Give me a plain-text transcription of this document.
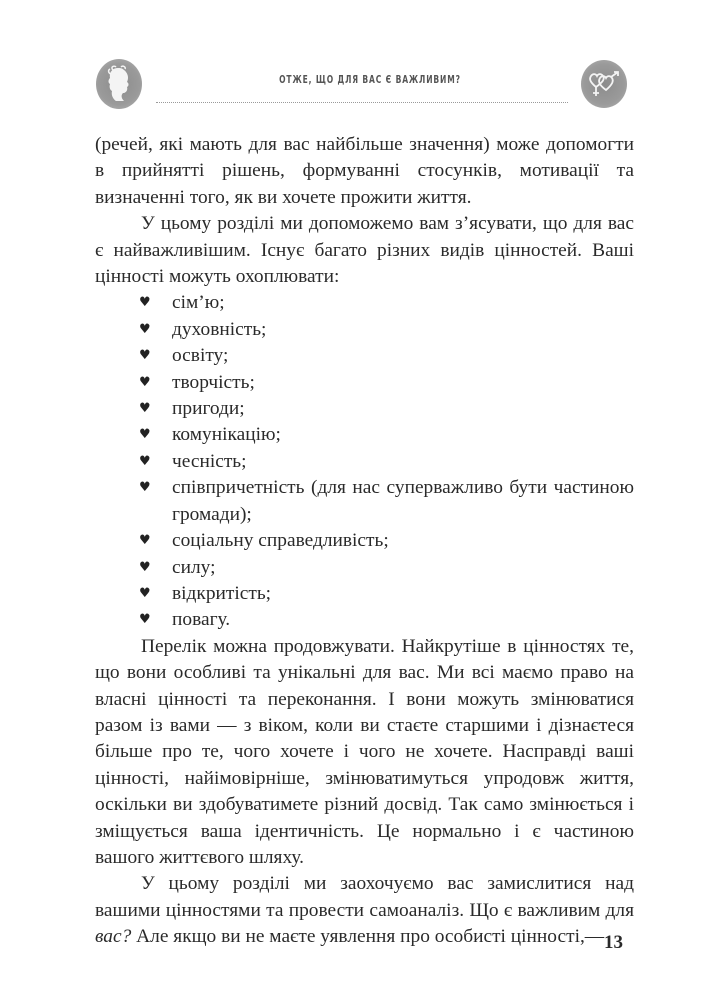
ОТЖЕ, ЩО ДЛЯ ВАС Є ВАЖЛИВИМ?

(речей, які мають для вас найбільше значення) може допомогти в прийнятті рішень, формуванні стосунків, мотивації та визначенні того, як ви хочете прожити життя.

У цьому розділі ми допоможемо вам з’ясувати, що для вас є найважливішим. Існує багато різних видів цінностей. Ваші цінності можуть охоплювати:

♥ сім’ю;
♥ духовність;
♥ освіту;
♥ творчість;
♥ пригоди;
♥ комунікацію;
♥ чесність;
♥ співпричетність (для нас суперважливо бути частиною громади);
♥ соціальну справедливість;
♥ силу;
♥ відкритість;
♥ повагу.

Перелік можна продовжувати. Найкрутіше в цінностях те, що вони особливі та унікальні для вас. Ми всі маємо право на власні цінності та переконання. І вони можуть змінюватися разом із вами — з віком, коли ви стаєте старшими і дізнаєтеся більше про те, чого хочете і чого не хочете. Насправді ваші цінності, найімовірніше, змінюватимуться упродовж життя, оскільки ви здобуватимете різний досвід. Так само змінюється і зміщується ваша ідентичність. Це нормально і є частиною вашого життєвого шляху.

У цьому розділі ми заохочуємо вас замислитися над вашими цінностями та провести самоаналіз. Що є важливим для вас? Але якщо ви не маєте уявлення про особисті цінності,— 13
